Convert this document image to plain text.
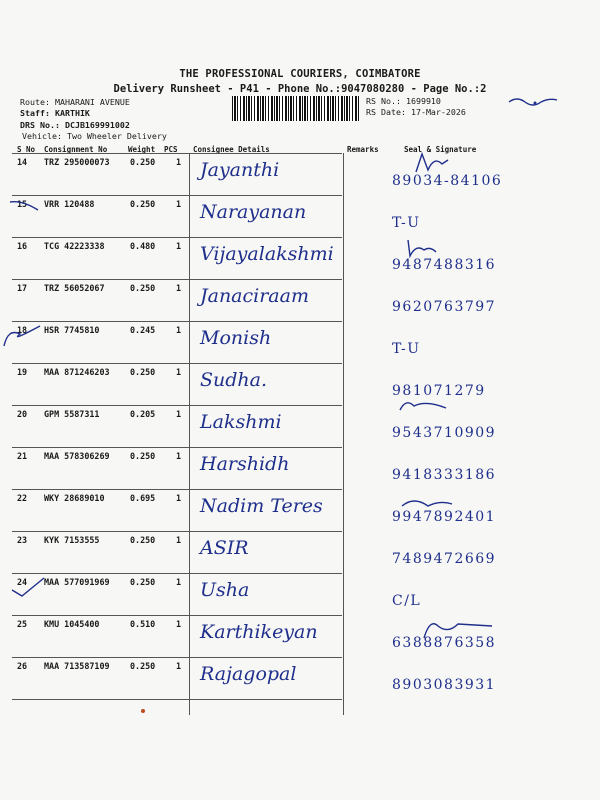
THE PROFESSIONAL COURIERS, COIMBATORE
Delivery Runsheet - P41 - Phone No.:9047080280 - Page No.:2
Route: MAHARANI AVENUE
Staff: KARTHIK
DRS No.: DCJB169991002
Vehicle: Two Wheeler Delivery
RS No.: 1699910
RS Date: 17-Mar-2026
S No Consignment No	Weight PCS Consignee Details	Remarks	Seal & Signature
14 TRZ 295000073 0.250 1 Jayanthi	89034-84106
15 VRR 120488	0.250 1 Narayanan	T-U
16 TCG 42223338	0.480 1 Vijayalakshmi	9487488316
17 TRZ 56052067	0.250 1 Janaciraam	9620763797
18 HSR 7745810	0.245 1 Monish	T-U
19 MAA 871246203 0.250 1 Sudha.	981071279
20 GPM 5587311	0.205 1 Lakshmi	9543710909
21 MAA 578306269 0.250 1 Harshidh	9418333186
22 WKY 28689010	0.695 1 Nadim Teres	9947892401
23 KYK 7153555	0.250 1 ASIR	7489472669
24 MAA 577091969 0.250 1 Usha	C/L
25 KMU 1045400	0.510 1 Karthikeyan	6388876358
26 MAA 713587109 0.250 1 Rajagopal	8903083931
